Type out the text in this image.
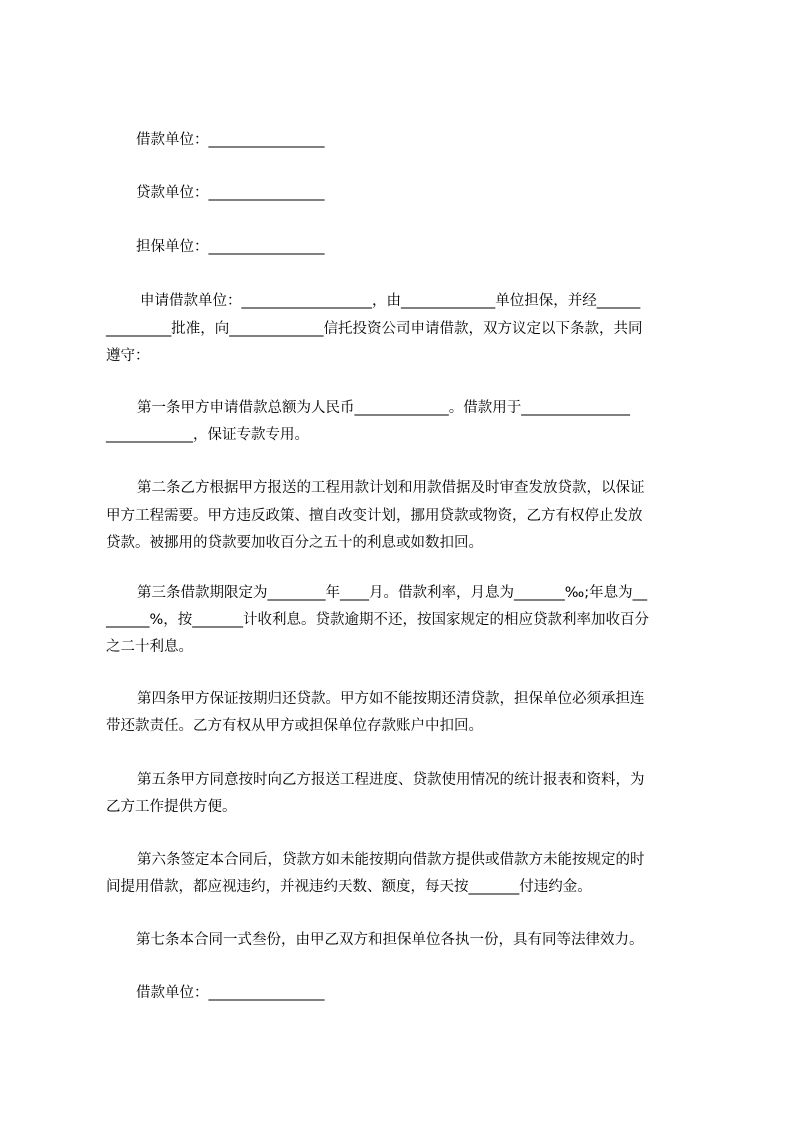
借款单位：________________
贷款单位：________________
担保单位：________________
申请借款单位：__________________，由_____________单位担保，并经______
_________批准，向_____________信托投资公司申请借款，双方议定以下条款，共同
遵守：
第一条甲方申请借款总额为人民币_____________。借款用于_______________
____________，保证专款专用。
第二条乙方根据甲方报送的工程用款计划和用款借据及时审查发放贷款，以保证
甲方工程需要。甲方违反政策、擅自改变计划，挪用贷款或物资，乙方有权停止发放
贷款。被挪用的贷款要加收百分之五十的利息或如数扣回。
第三条借款期限定为________年____月。借款利率，月息为_______‰;年息为__
______%，按_______计收利息。贷款逾期不还，按国家规定的相应贷款利率加收百分
之二十利息。
第四条甲方保证按期归还贷款。甲方如不能按期还清贷款，担保单位必须承担连
带还款责任。乙方有权从甲方或担保单位存款账户中扣回。
第五条甲方同意按时向乙方报送工程进度、贷款使用情况的统计报表和资料，为
乙方工作提供方便。
第六条签定本合同后，贷款方如未能按期向借款方提供或借款方未能按规定的时
间提用借款，都应视违约，并视违约天数、额度，每天按_______付违约金。
第七条本合同一式叁份，由甲乙双方和担保单位各执一份，具有同等法律效力。
借款单位：________________
